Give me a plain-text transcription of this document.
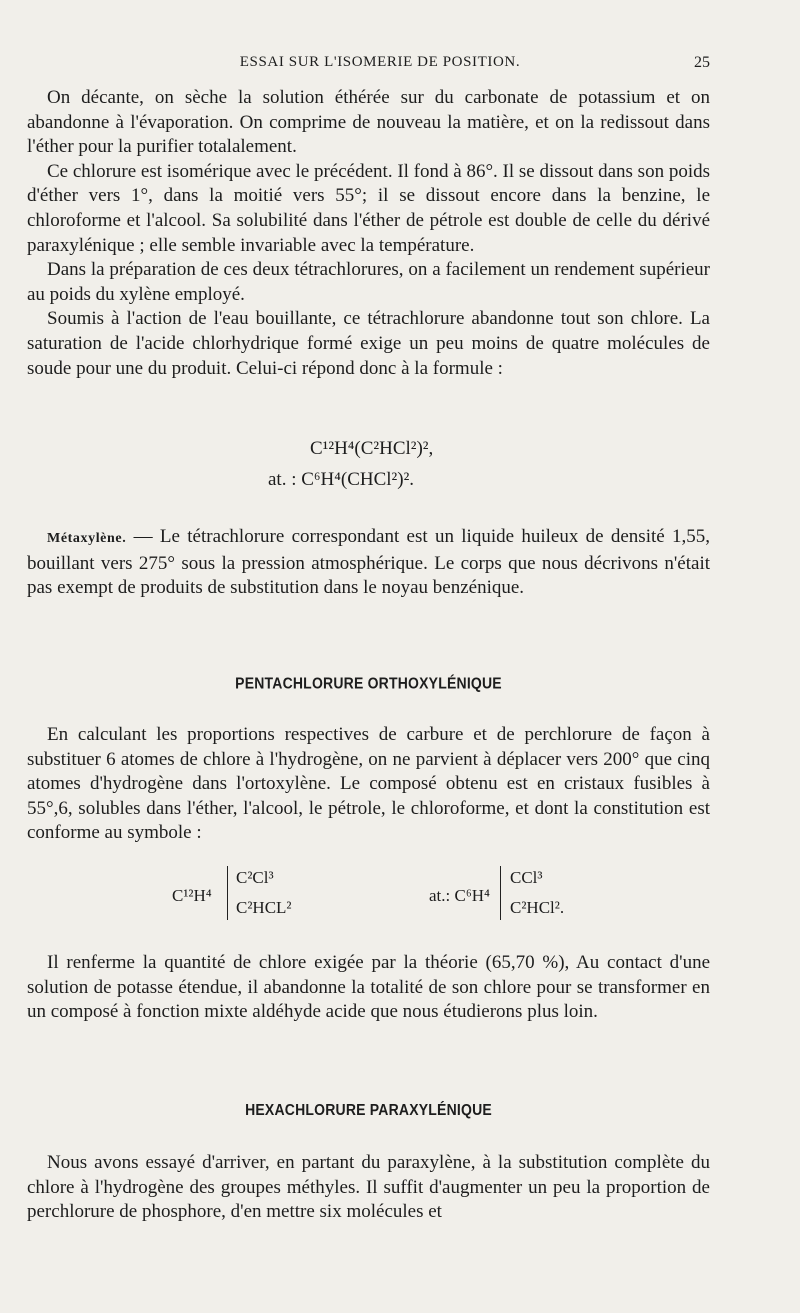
ESSAI SUR L'ISOMERIE DE POSITION.	25

On décante, on sèche la solution éthérée sur du carbonate de potassium et on abandonne à l'évaporation. On comprime de nouveau la matière, et on la redissout dans l'éther pour la purifier totalalement.

Ce chlorure est isomérique avec le précédent. Il fond à 86°. Il se dissout dans son poids d'éther vers 1°, dans la moitié vers 55°; il se dissout encore dans la benzine, le chloroforme et l'alcool. Sa solubilité dans l'éther de pétrole est double de celle du dérivé paraxylénique ; elle semble invariable avec la température.

Dans la préparation de ces deux tétrachlorures, on a facilement un rendement supérieur au poids du xylène employé.

Soumis à l'action de l'eau bouillante, ce tétrachlorure abandonne tout son chlore. La saturation de l'acide chlorhydrique formé exige un peu moins de quatre molécules de soude pour une du produit. Celui-ci répond donc à la formule :

C¹²H⁴(C²HCl²)²,
at. : C⁶H⁴(CHCl²)².

Métaxylène. — Le tétrachlorure correspondant est un liquide huileux de densité 1,55, bouillant vers 275° sous la pression atmosphérique. Le corps que nous décrivons n'était pas exempt de produits de substitution dans le noyau benzénique.

PENTACHLORURE ORTHOXYLÉNIQUE

En calculant les proportions respectives de carbure et de perchlorure de façon à substituer 6 atomes de chlore à l'hydrogène, on ne parvient à déplacer vers 200° que cinq atomes d'hydrogène dans l'ortoxylène. Le composé obtenu est en cristaux fusibles à 55°,6, solubles dans l'éther, l'alcool, le pétrole, le chloroforme, et dont la constitution est conforme au symbole :

C¹²H⁴
C²Cl³
C²HCL²
at.: C⁶H⁴
CCl³
C²HCl².

Il renferme la quantité de chlore exigée par la théorie (65,70 %), Au contact d'une solution de potasse étendue, il abandonne la totalité de son chlore pour se transformer en un composé à fonction mixte aldéhyde acide que nous étudierons plus loin.

HEXACHLORURE PARAXYLÉNIQUE

Nous avons essayé d'arriver, en partant du paraxylène, à la substitution complète du chlore à l'hydrogène des groupes méthyles. Il suffit d'augmenter un peu la proportion de perchlorure de phosphore, d'en mettre six molécules et
